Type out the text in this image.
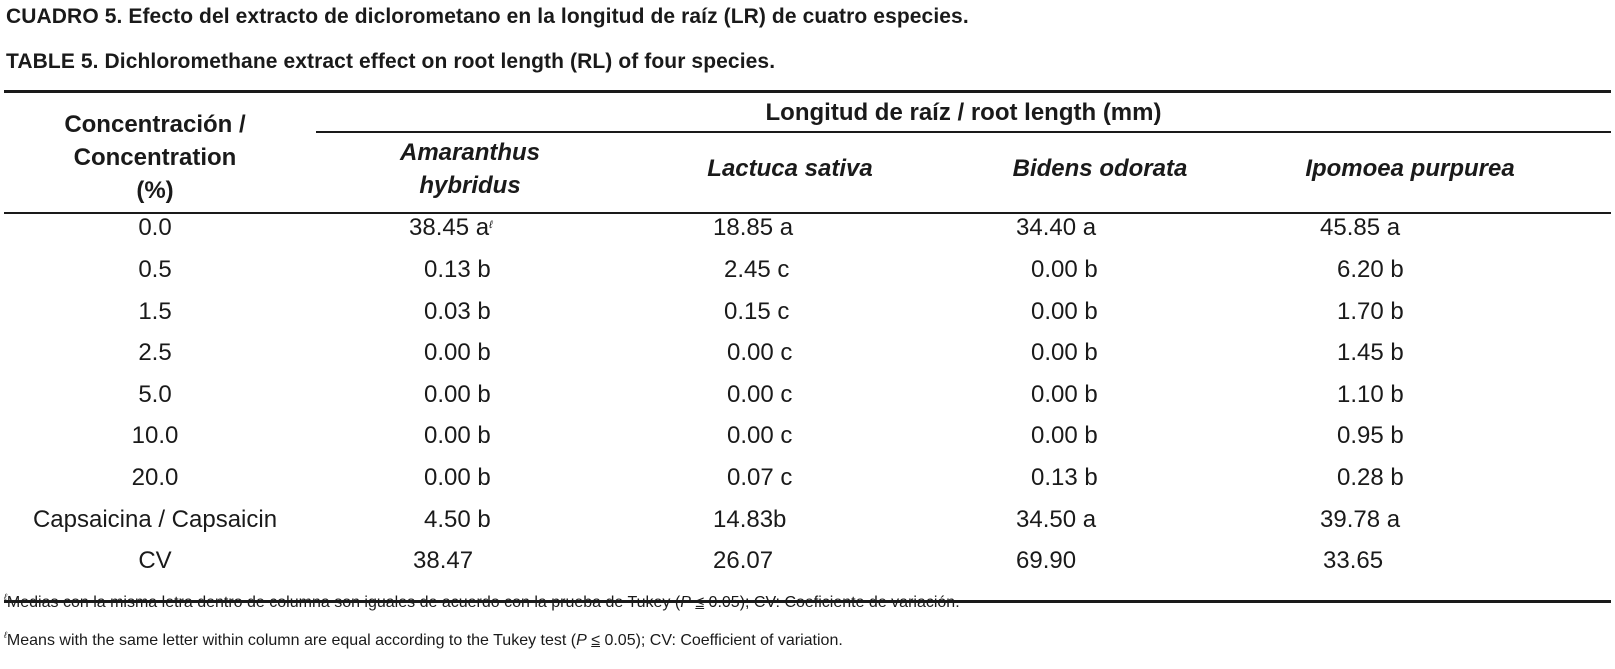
CUADRO 5. Efecto del extracto de diclorometano en la longitud de raíz (LR) de cuatro especies.
TABLE 5. Dichloromethane extract effect on root length (RL) of four species.
Concentración /
Concentration
(%)
Longitud de raíz / root length (mm)
Amaranthus
hybridus
Lactuca sativa	Bidens odorata	Ipomoea purpurea
0.0	38.45 $a^\ell$	18.85 a	34.40 a	45.85 a
0.5	0.13 b	2.45 c	0.00 b	6.20 b
1.5	0.03 b	0.15 c	0.00 b	1.70 b
2.5	0.00 b	0.00 c	0.00 b	1.45 b
5.0	0.00 b	0.00 c	0.00 b	1.10 b
10.0	0.00 b	0.00 c	0.00 b	0.95 b
20.0	0.00 b	0.07 c	0.13 b	0.28 b
Capsaicina / Capsaicin	4.50 b	14.83b	34.50 a	39.78 a
CV	38.47	26.07	69.90	33.65
$^\ell$Medias con la misma letra dentro de columna son iguales de acuerdo con la prueba de Tukey (P ≤ 0.05); CV: Coeficiente de variación.
$^\ell$Means with the same letter within column are equal according to the Tukey test (P ≤ 0.05); CV: Coefficient of variation.
